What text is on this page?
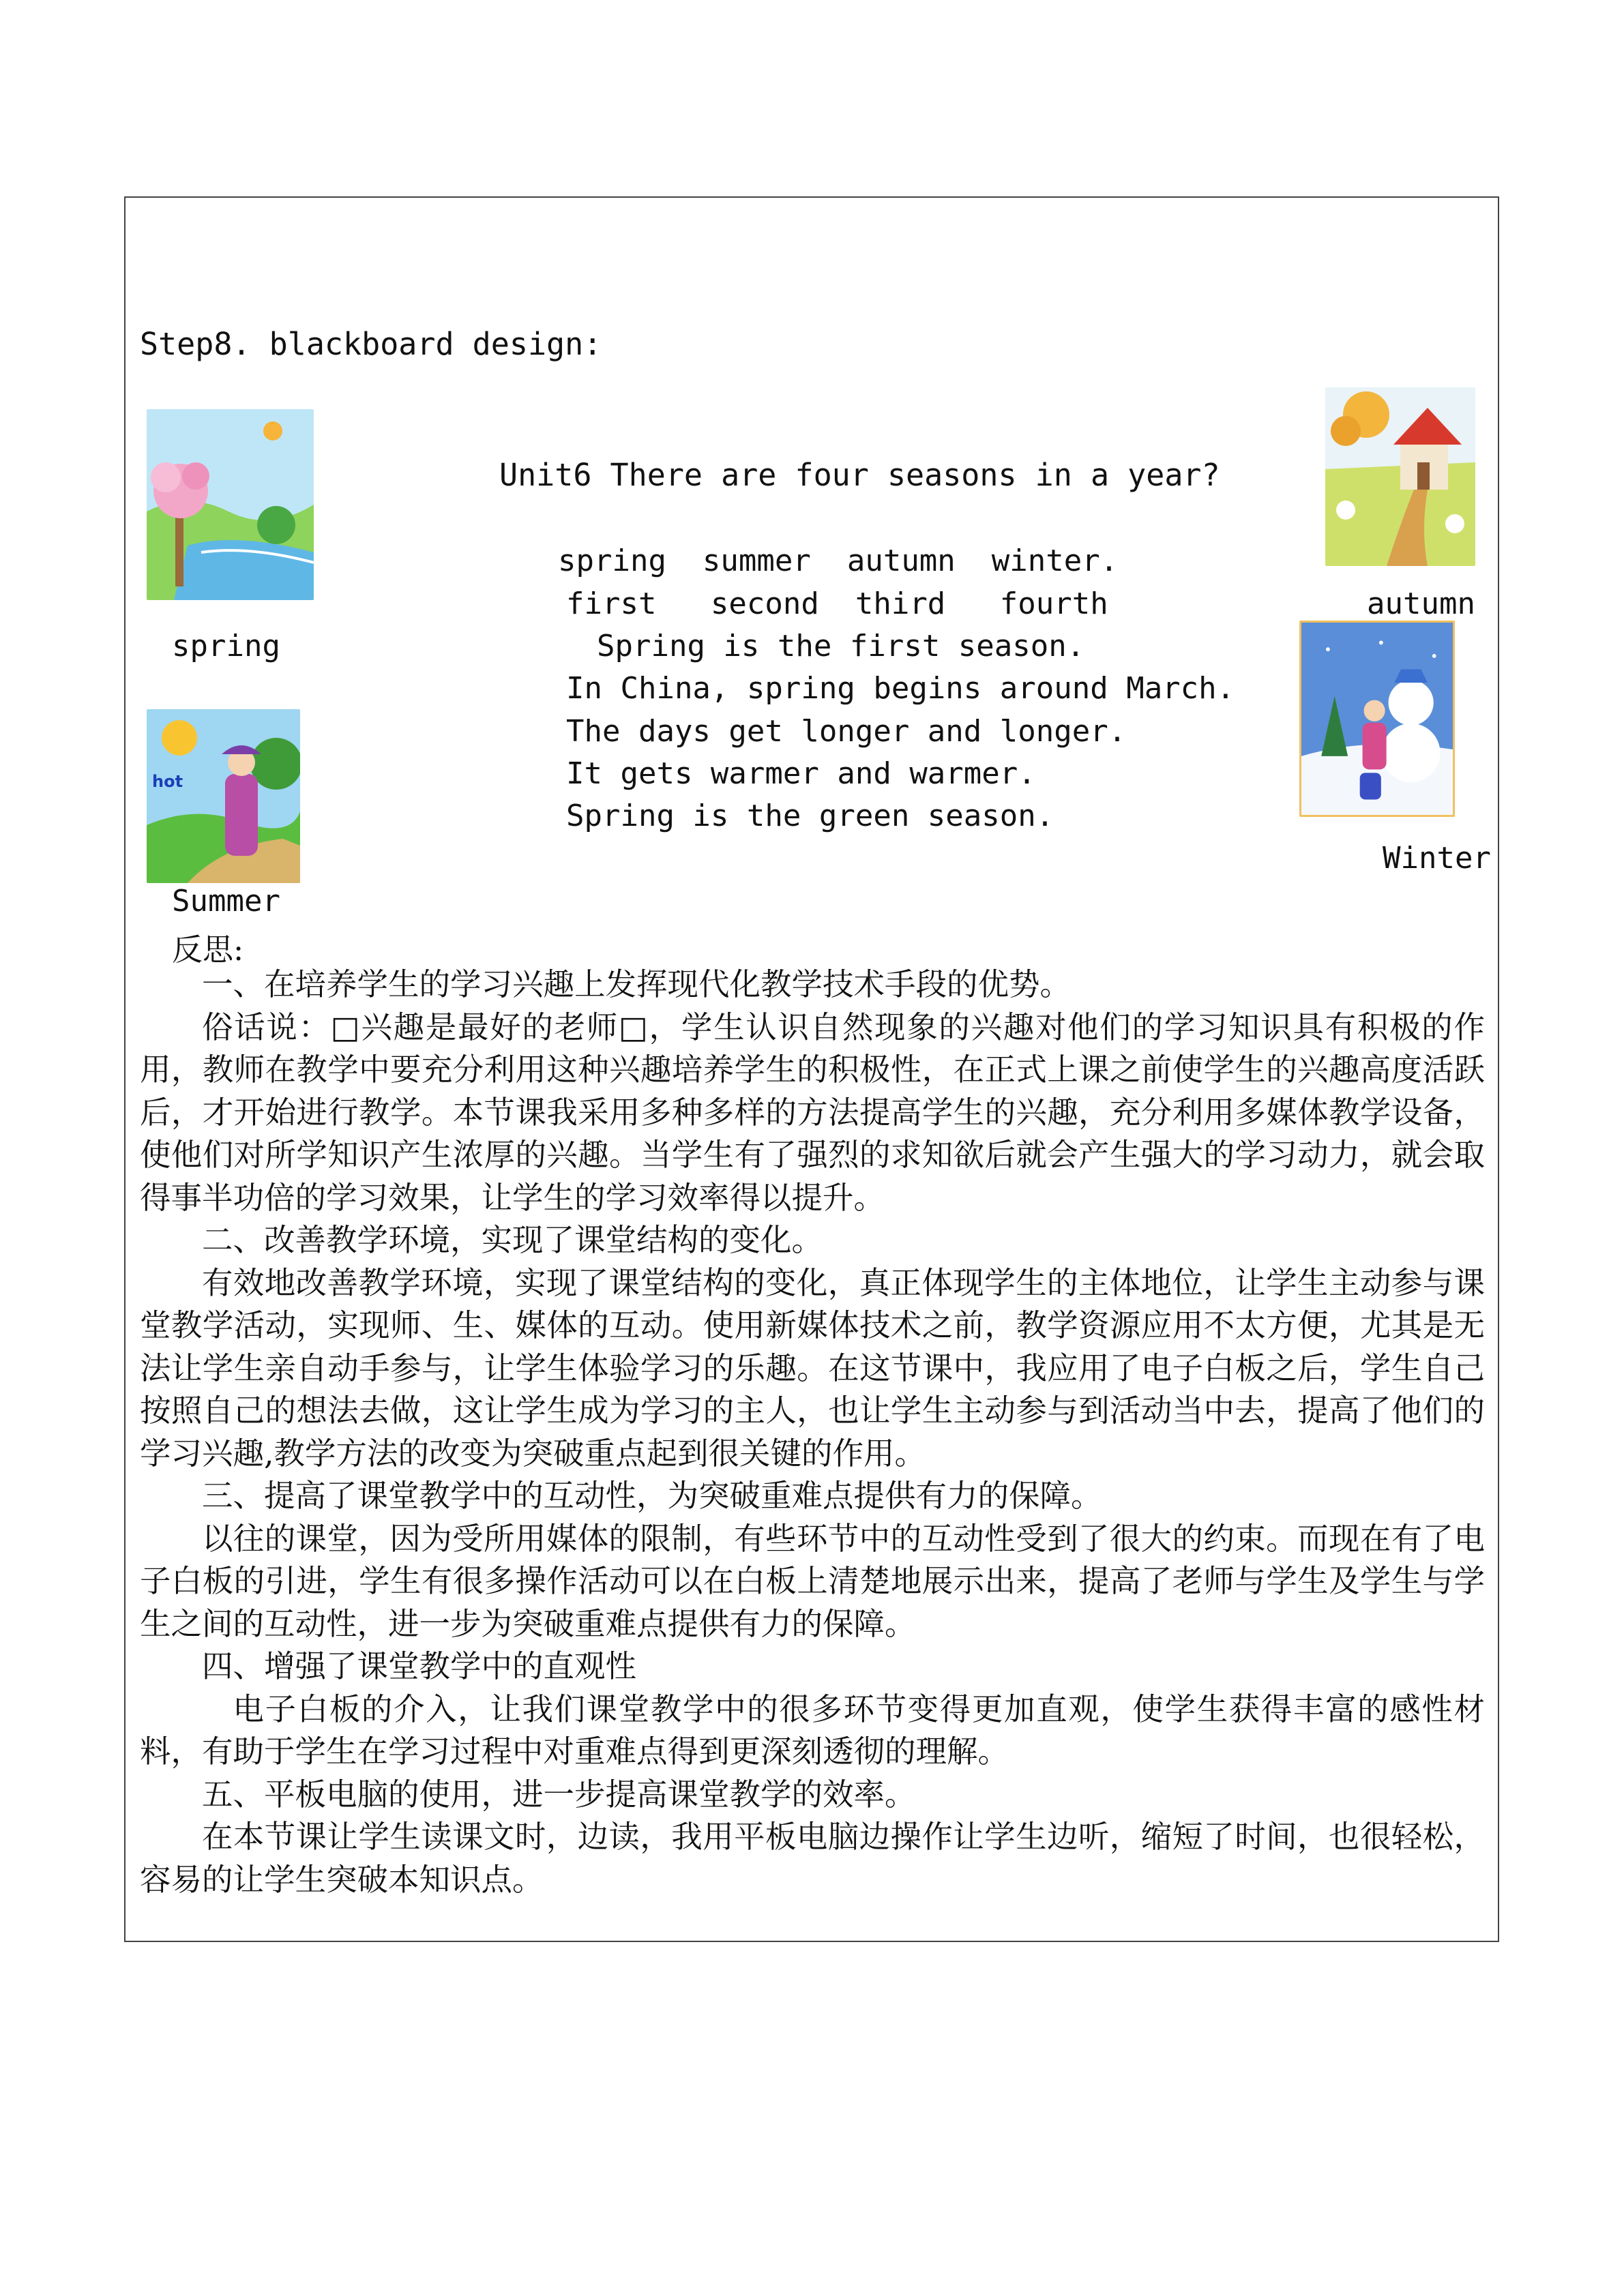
Step8. blackboard design:
spring
hot
Summer
autumn
Winter
Unit6 There are four seasons in a year?
spring  summer  autumn  winter.
first   second  third   fourth
Spring is the first season.
In China, spring begins around March.
The days get longer and longer.
It gets warmer and warmer.
Spring is the green season.
反思:

一、在培养学生的学习兴趣上发挥现代化教学技术手段的优势。

俗话说：□兴趣是最好的老师□，学生认识自然现象的兴趣对他们的学习知识具有积极的作用，教师在教学中要充分利用这种兴趣培养学生的积极性，在正式上课之前使学生的兴趣高度活跃后，才开始进行教学。本节课我采用多种多样的方法提高学生的兴趣，充分利用多媒体教学设备，使他们对所学知识产生浓厚的兴趣。当学生有了强烈的求知欲后就会产生强大的学习动力，就会取得事半功倍的学习效果，让学生的学习效率得以提升。

二、改善教学环境，实现了课堂结构的变化。

有效地改善教学环境，实现了课堂结构的变化，真正体现学生的主体地位，让学生主动参与课堂教学活动，实现师、生、媒体的互动。使用新媒体技术之前，教学资源应用不太方便，尤其是无法让学生亲自动手参与，让学生体验学习的乐趣。在这节课中，我应用了电子白板之后，学生自己按照自己的想法去做，这让学生成为学习的主人，也让学生主动参与到活动当中去，提高了他们的学习兴趣,教学方法的改变为突破重点起到很关键的作用。

三、提高了课堂教学中的互动性，为突破重难点提供有力的保障。

以往的课堂，因为受所用媒体的限制，有些环节中的互动性受到了很大的约束。而现在有了电子白板的引进，学生有很多操作活动可以在白板上清楚地展示出来，提高了老师与学生及学生与学生之间的互动性，进一步为突破重难点提供有力的保障。

四、增强了课堂教学中的直观性

电子白板的介入，让我们课堂教学中的很多环节变得更加直观，使学生获得丰富的感性材料，有助于学生在学习过程中对重难点得到更深刻透彻的理解。

五、平板电脑的使用，进一步提高课堂教学的效率。

在本节课让学生读课文时，边读，我用平板电脑边操作让学生边听，缩短了时间，也很轻松，容易的让学生突破本知识点。
